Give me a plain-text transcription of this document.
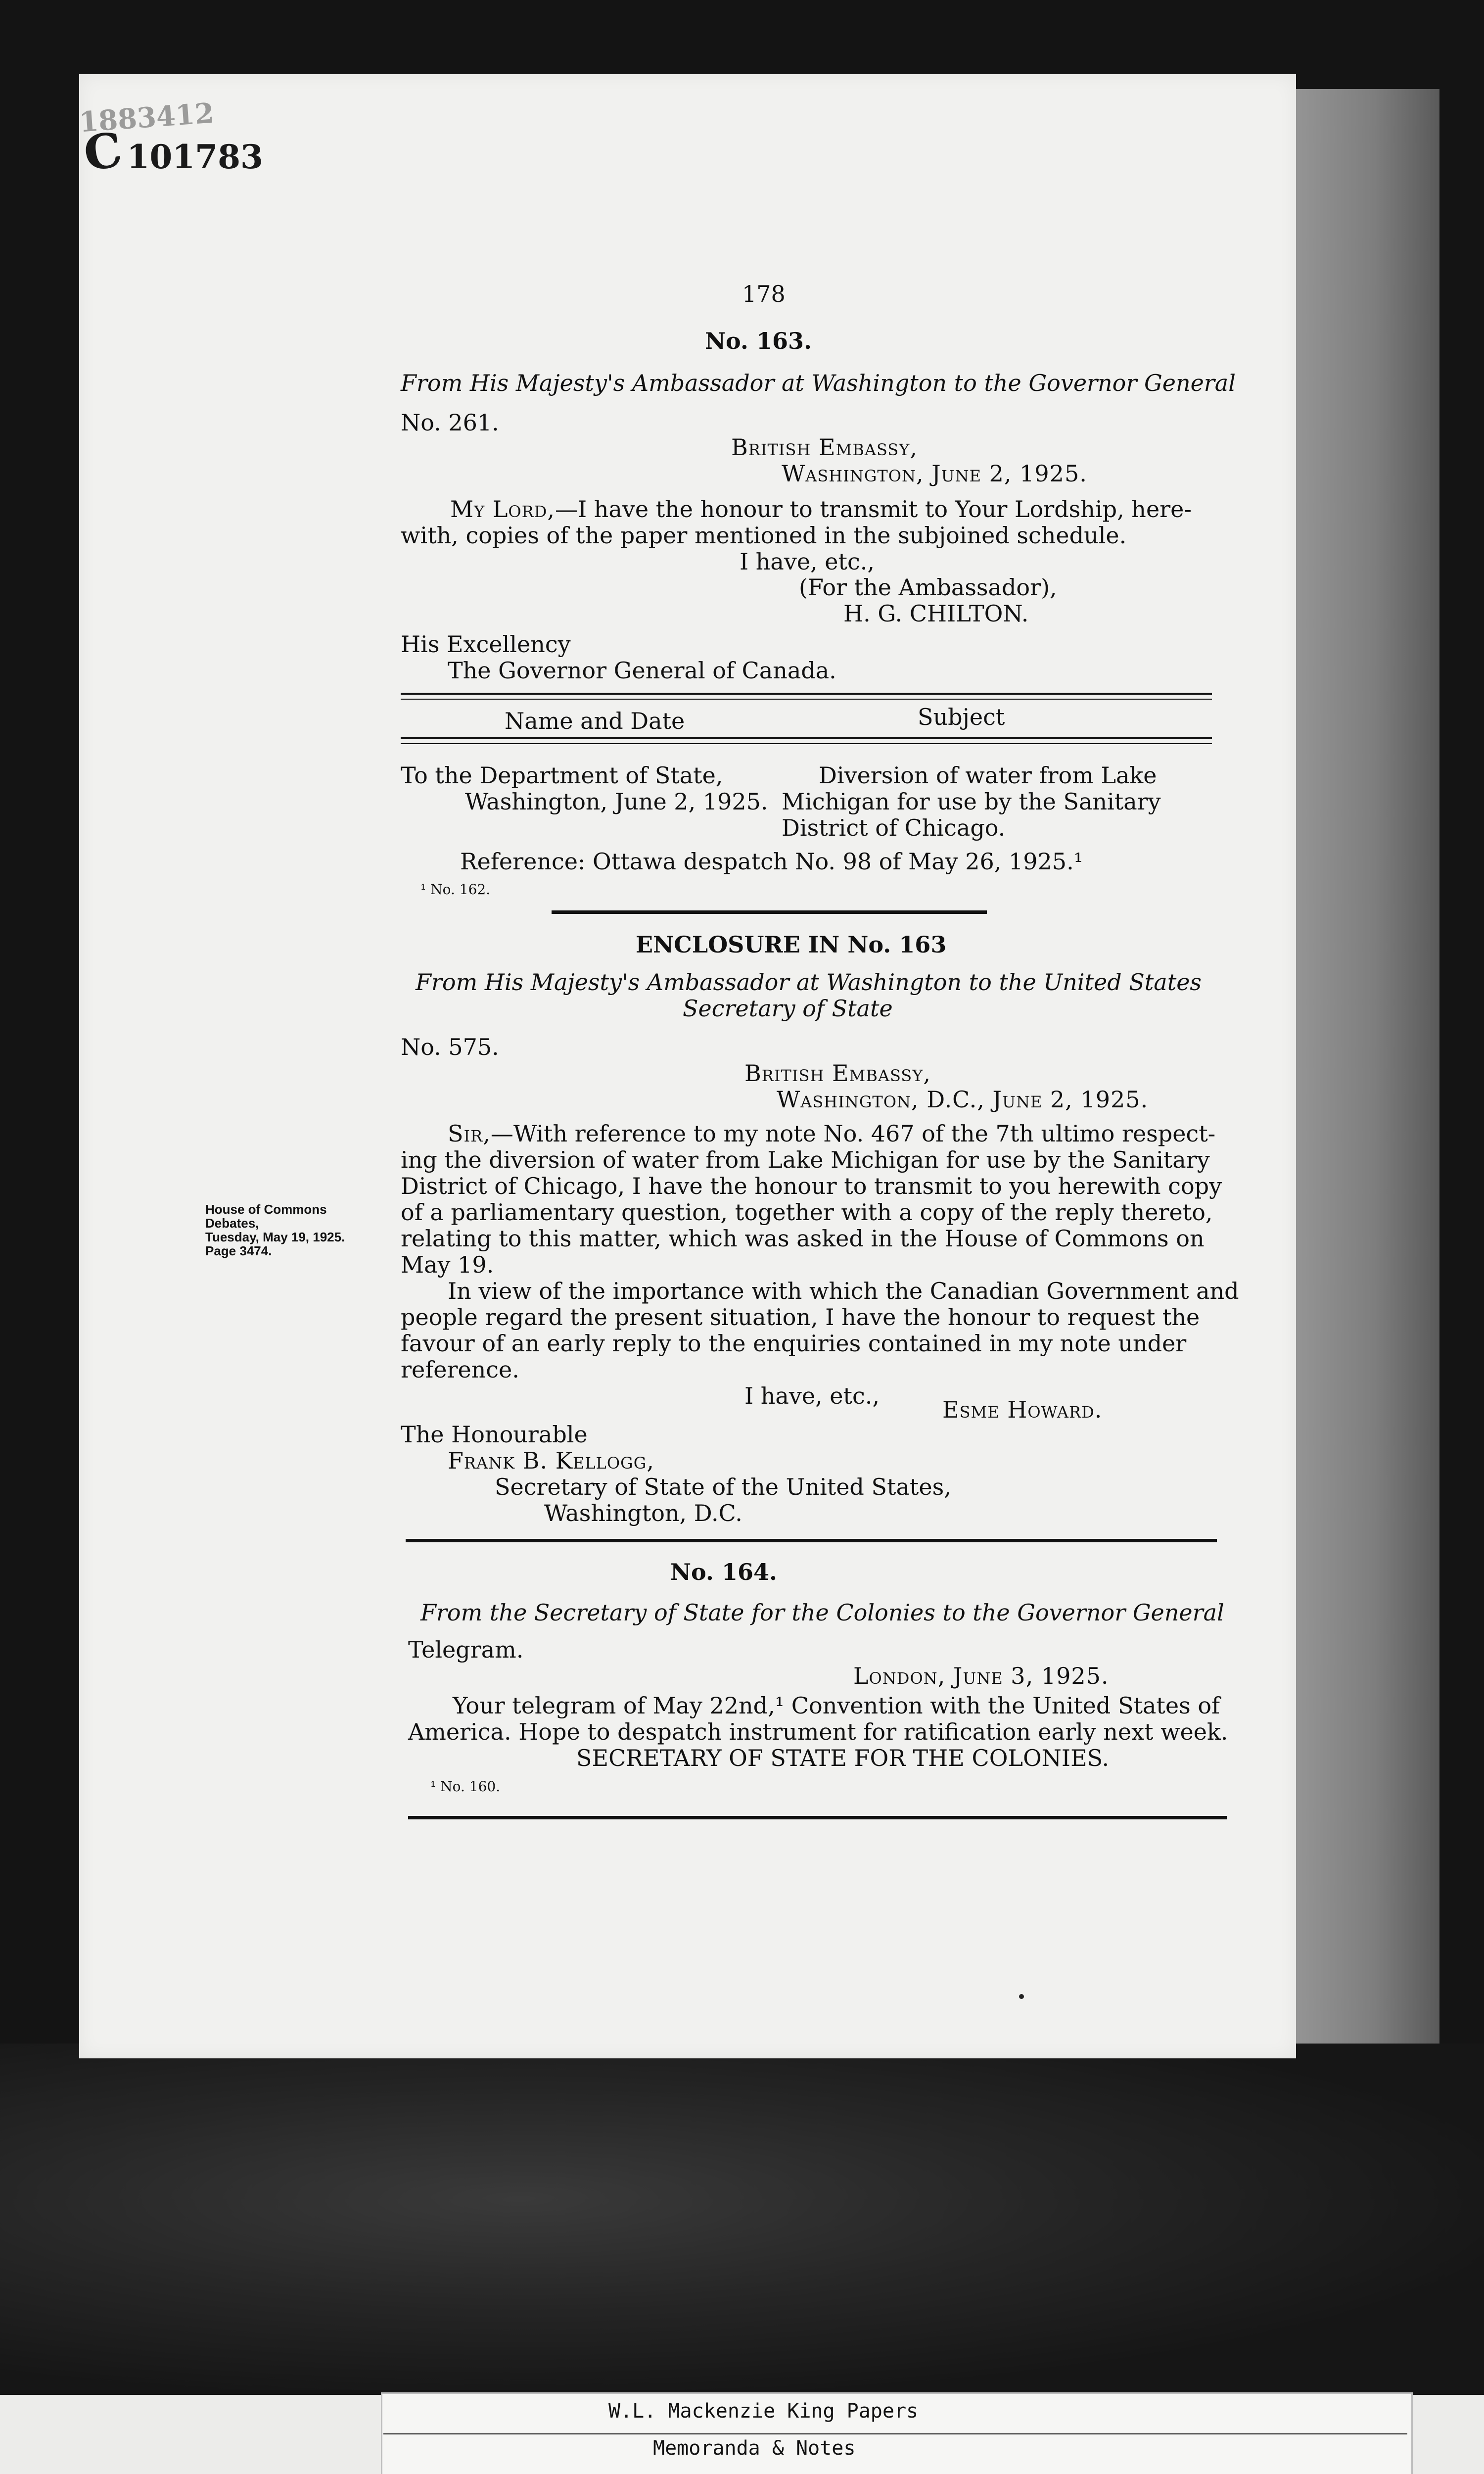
C101783
1883412
178
No. 163.
From His Majesty's Ambassador at Washington to the Governor General
No. 261.
British Embassy,
Washington, June 2, 1925.
My Lord,—I have the honour to transmit to Your Lordship, here-
with, copies of the paper mentioned in the subjoined schedule.
I have, etc.,
(For the Ambassador),
H. G. CHILTON.
His Excellency
The Governor General of Canada.
Name and Date	Subject
To the Department of State,
Washington, June 2, 1925.
Diversion of water from Lake
Michigan for use by the Sanitary
District of Chicago.
Reference: Ottawa despatch No. 98 of May 26, 1925.¹
¹ No. 162.
ENCLOSURE IN No. 163
From His Majesty's Ambassador at Washington to the United States
Secretary of State
No. 575.
British Embassy,
Washington, D.C., June 2, 1925.
Sir,—With reference to my note No. 467 of the 7th ultimo respect-
ing the diversion of water from Lake Michigan for use by the Sanitary
District of Chicago, I have the honour to transmit to you herewith copy
of a parliamentary question, together with a copy of the reply thereto,
relating to this matter, which was asked in the House of Commons on
May 19.
In view of the importance with which the Canadian Government and
people regard the present situation, I have the honour to request the
favour of an early reply to the enquiries contained in my note under
reference.
I have, etc.,
Esme Howard.
The Honourable
Frank B. Kellogg,
Secretary of State of the United States,
Washington, D.C.
House of Commons
Debates,
Tuesday, May 19, 1925.
Page 3474.
No. 164.
From the Secretary of State for the Colonies to the Governor General
Telegram.
London, June 3, 1925.
Your telegram of May 22nd,¹ Convention with the United States of
America. Hope to despatch instrument for ratification early next week.
SECRETARY OF STATE FOR THE COLONIES.
¹ No. 160.
W.L. Mackenzie King Papers
Memoranda & Notes
